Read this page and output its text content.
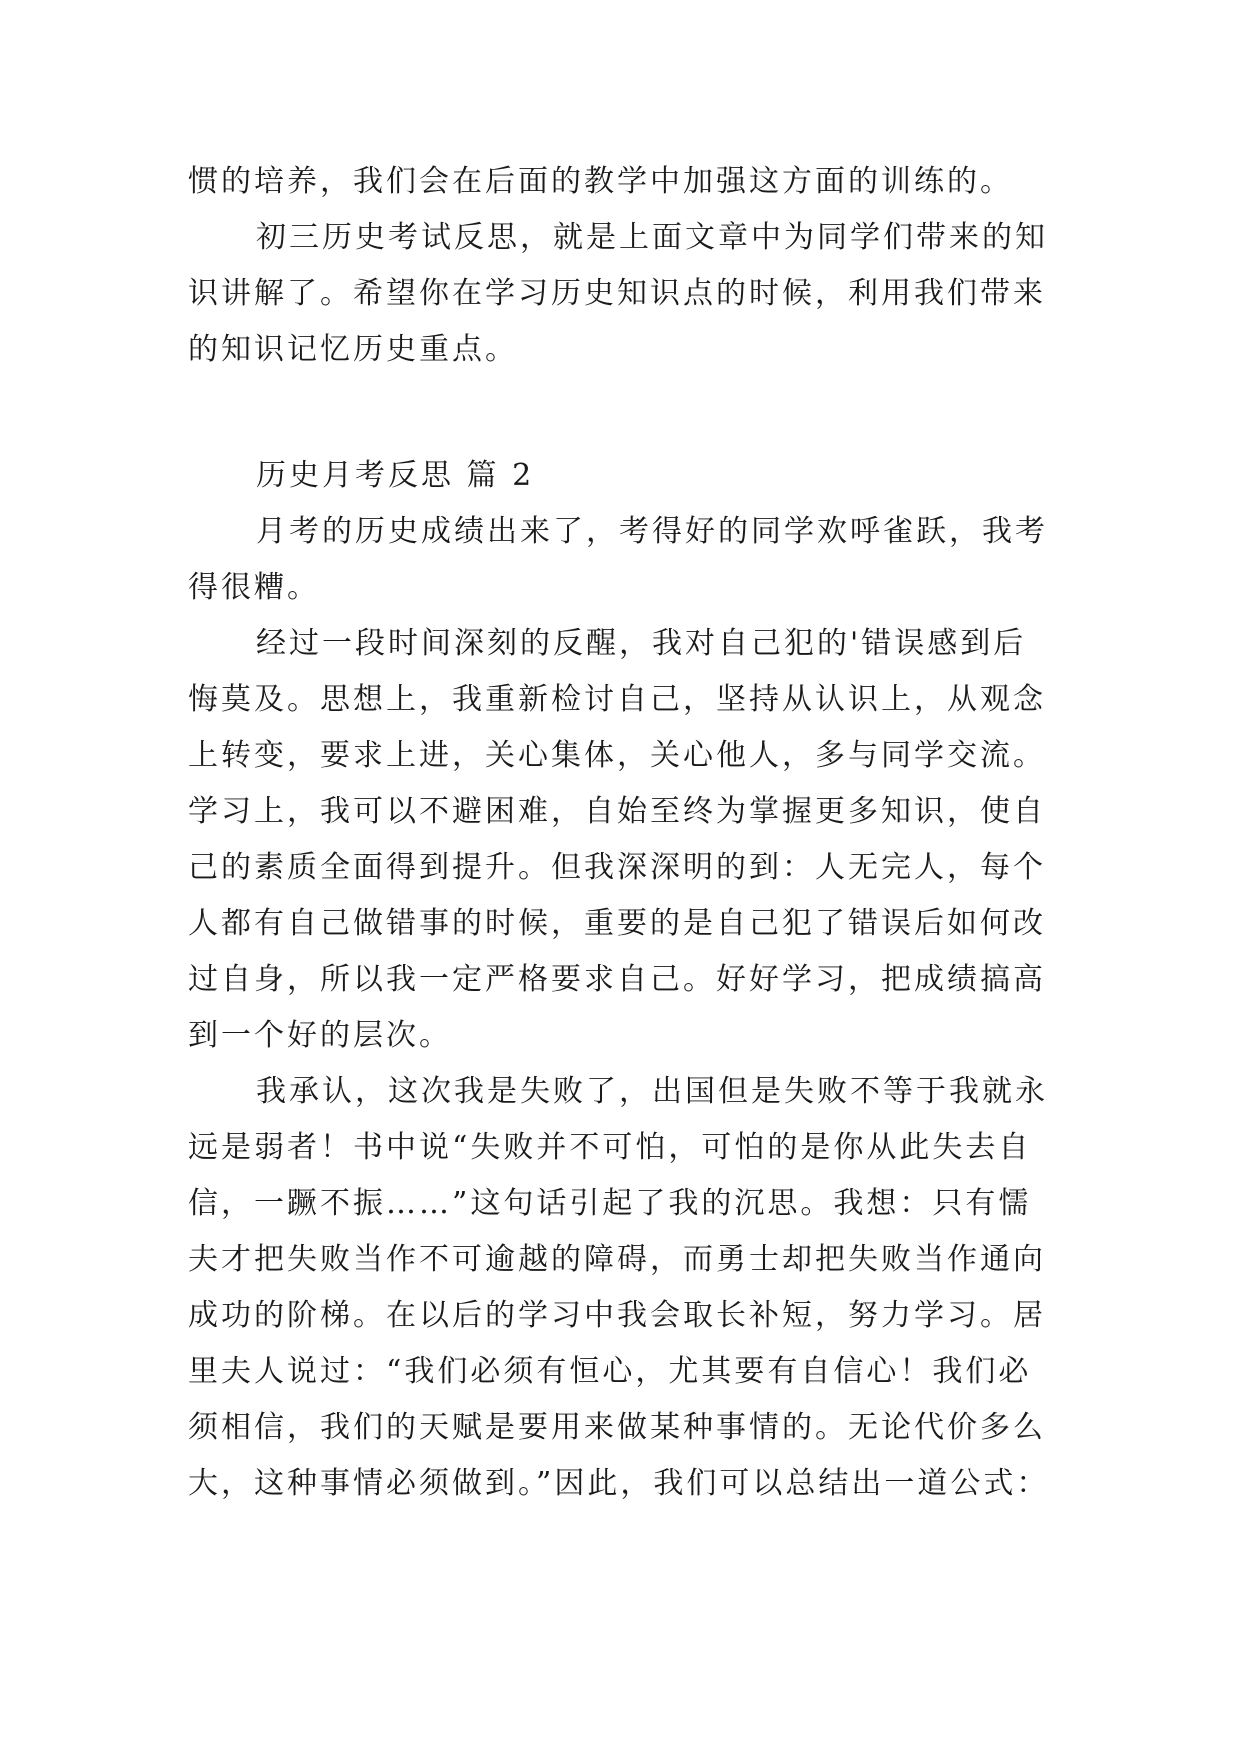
惯的培养，我们会在后面的教学中加强这方面的训练的。
初三历史考试反思，就是上面文章中为同学们带来的知
识讲解了。希望你在学习历史知识点的时候，利用我们带来
的知识记忆历史重点。
历史月考反思 篇 2
月考的历史成绩出来了，考得好的同学欢呼雀跃，我考
得很糟。
经过一段时间深刻的反醒，我对自己犯的'错误感到后
悔莫及。思想上，我重新检讨自己，坚持从认识上，从观念
上转变，要求上进，关心集体，关心他人，多与同学交流。
学习上，我可以不避困难，自始至终为掌握更多知识，使自
己的素质全面得到提升。但我深深明的到：人无完人，每个
人都有自己做错事的时候，重要的是自己犯了错误后如何改
过自身，所以我一定严格要求自己。好好学习，把成绩搞高
到一个好的层次。
我承认，这次我是失败了，出国但是失败不等于我就永
远是弱者！书中说“失败并不可怕，可怕的是你从此失去自
信，一蹶不振……”这句话引起了我的沉思。我想：只有懦
夫才把失败当作不可逾越的障碍，而勇士却把失败当作通向
成功的阶梯。在以后的学习中我会取长补短，努力学习。居
里夫人说过：“我们必须有恒心，尤其要有自信心！我们必
须相信，我们的天赋是要用来做某种事情的。无论代价多么
大，这种事情必须做到。”因此，我们可以总结出一道公式：
